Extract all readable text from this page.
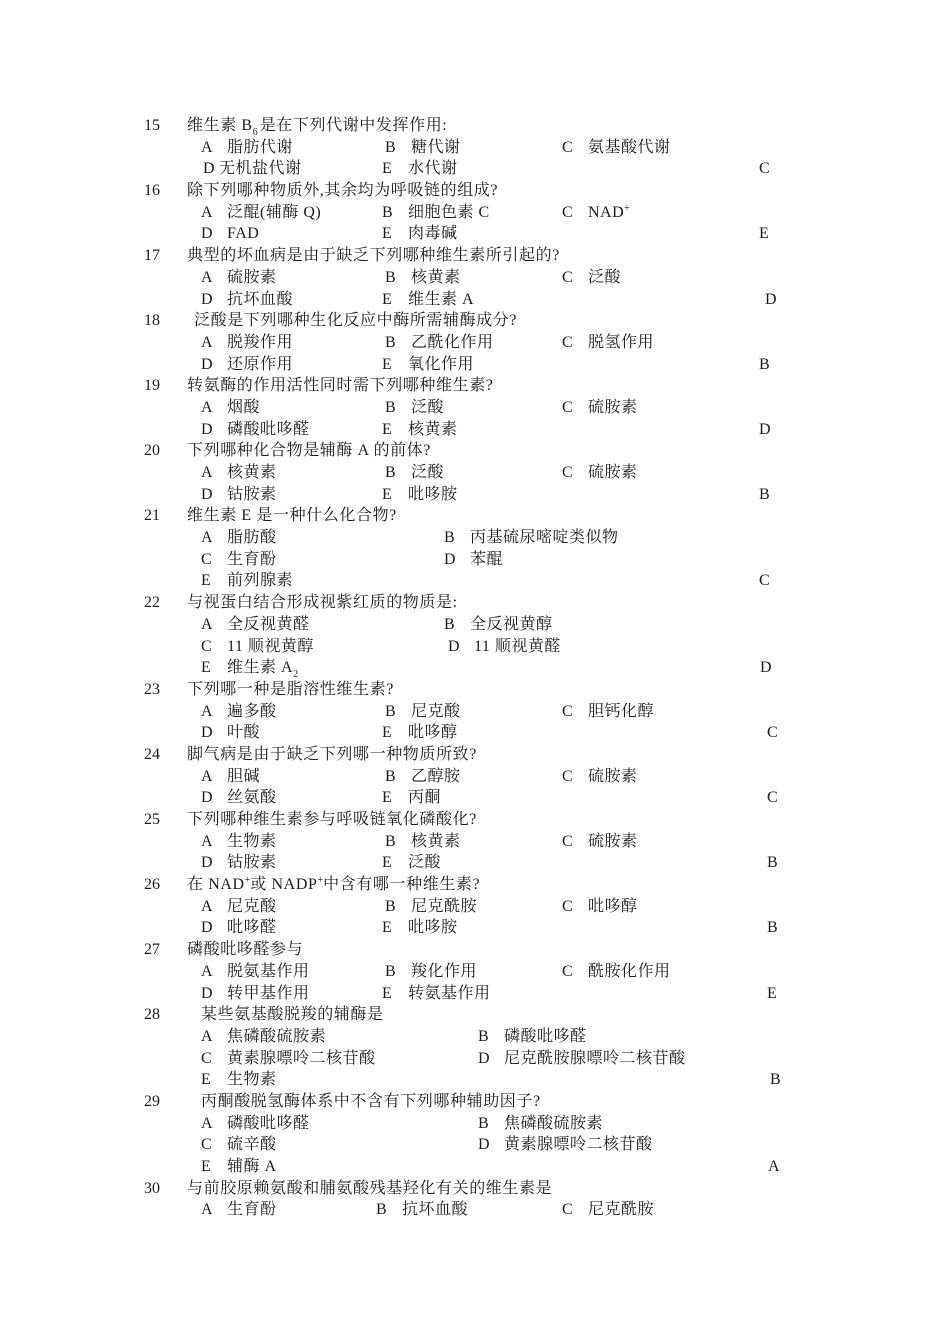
15 维生素 $B_6$ 是在下列代谢中发挥作用:
A 脂肪代谢	B 糖代谢	C 氨基酸代谢
D 无机盐代谢	E 水代谢	C
16 除下列哪种物质外,其余均为呼吸链的组成?
A 泛醌(辅酶 Q)	B 细胞色素 C	C NAD+
D FAD	E 肉毒碱	E
17 典型的坏血病是由于缺乏下列哪种维生素所引起的?
A 硫胺素	B 核黄素	C 泛酸
D 抗坏血酸	E 维生素 A	D
18 泛酸是下列哪种生化反应中酶所需辅酶成分?
A 脱羧作用	B 乙酰化作用	C 脱氢作用
D 还原作用	E 氧化作用	B
19 转氨酶的作用活性同时需下列哪种维生素?
A 烟酸	B 泛酸	C 硫胺素
D 磷酸吡哆醛	E 核黄素	D
20 下列哪种化合物是辅酶 A 的前体?
A 核黄素	B 泛酸	C 硫胺素
D 钴胺素	E 吡哆胺	B
21 维生素 E 是一种什么化合物?
A 脂肪酸	B 丙基硫尿嘧啶类似物
C 生育酚	D 苯醌
E 前列腺素	C
22 与视蛋白结合形成视紫红质的物质是:
A 全反视黄醛	B 全反视黄醇
C 11 顺视黄醇	D 11 顺视黄醛
E 维生素 $A_2$	D
23 下列哪一种是脂溶性维生素?
A 遍多酸	B 尼克酸	C 胆钙化醇
D 叶酸	E 吡哆醇	C
24 脚气病是由于缺乏下列哪一种物质所致?
A 胆碱	B 乙醇胺	C 硫胺素
D 丝氨酸	E 丙酮	C
25 下列哪种维生素参与呼吸链氧化磷酸化?
A 生物素	B 核黄素	C 硫胺素
D 钴胺素	E 泛酸	B
26 在 NAD+或 NADP+中含有哪一种维生素?
A 尼克酸	B 尼克酰胺	C 吡哆醇
D 吡哆醛	E 吡哆胺	B
27 磷酸吡哆醛参与
A 脱氨基作用	B 羧化作用	C 酰胺化作用
D 转甲基作用	E 转氨基作用	E
28	某些氨基酸脱羧的辅酶是
A 焦磷酸硫胺素	B 磷酸吡哆醛
C 黄素腺嘌呤二核苷酸	D 尼克酰胺腺嘌呤二核苷酸
E 生物素	B
29	丙酮酸脱氢酶体系中不含有下列哪种辅助因子?
A 磷酸吡哆醛	B 焦磷酸硫胺素
C 硫辛酸	D 黄素腺嘌呤二核苷酸
E 辅酶 A	A
30 与前胶原赖氨酸和脯氨酸残基羟化有关的维生素是
A 生育酚	B 抗坏血酸	C 尼克酰胺
